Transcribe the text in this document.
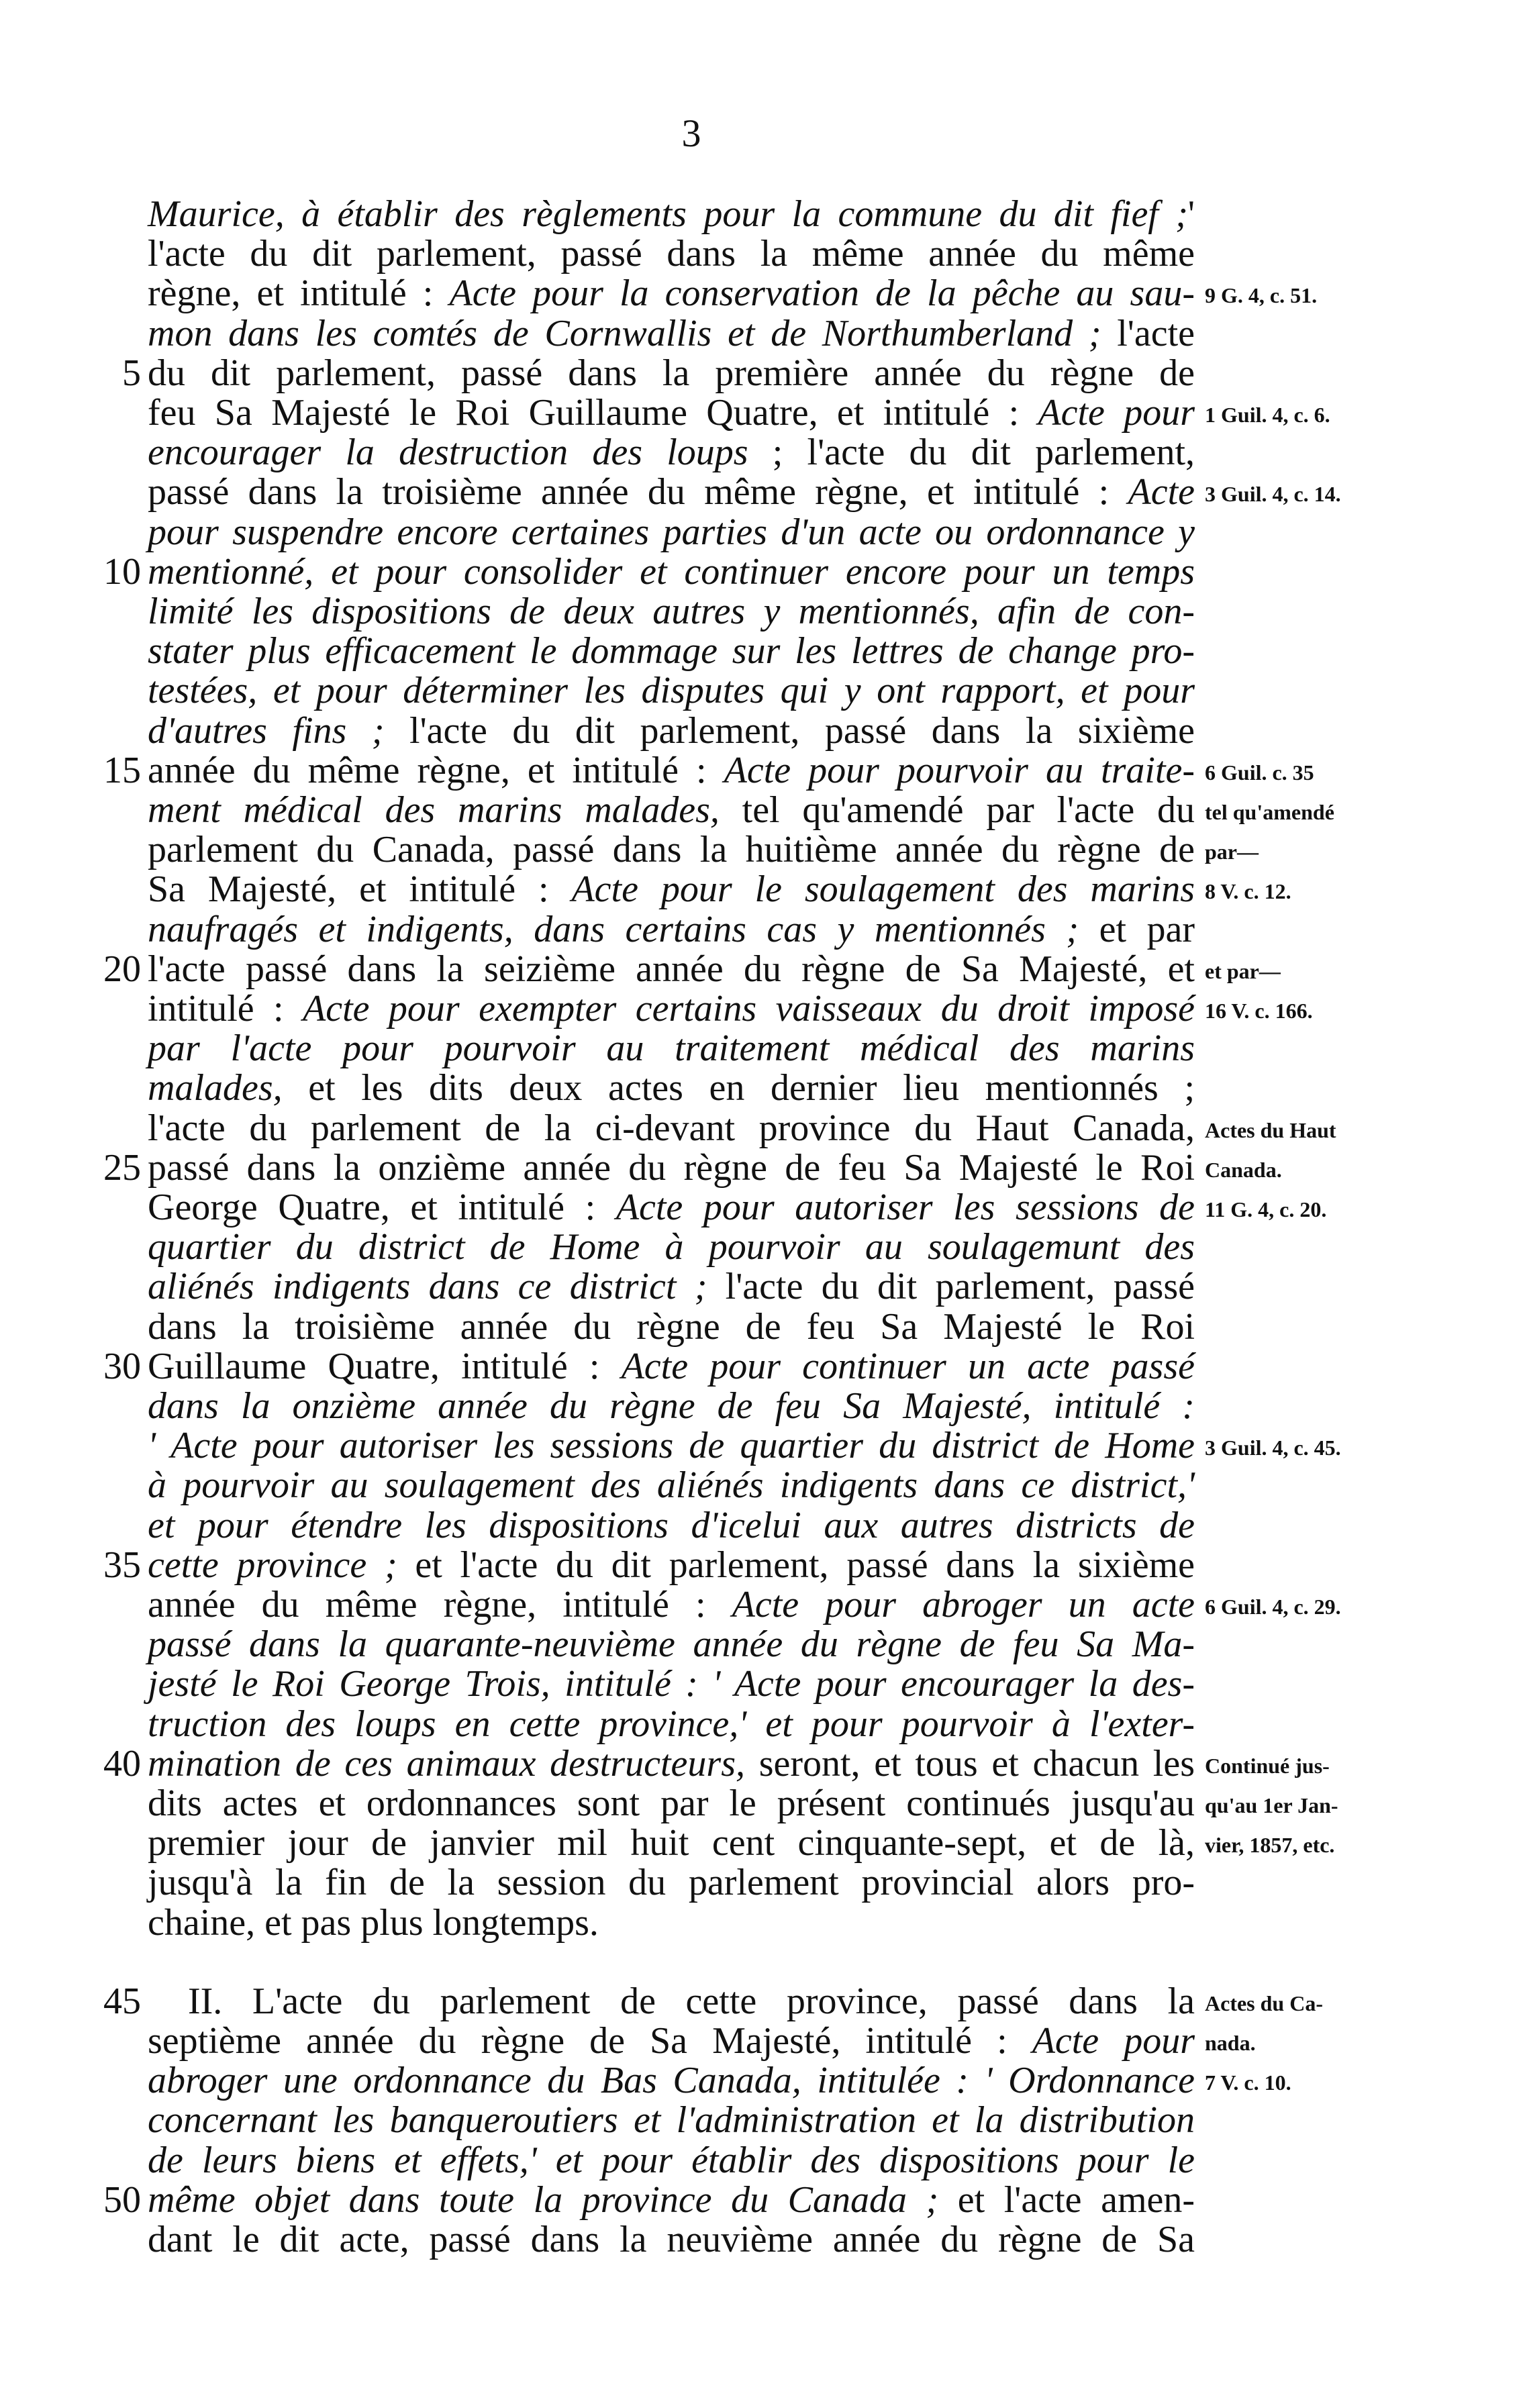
3
Maurice, à établir des règlements pour la commune du dit fief ;'
l'acte du dit parlement, passé dans la même année du même
règne, et intitulé : Acte pour la conservation de la pêche au sau- 9 G. 4, c. 51.
mon dans les comtés de Cornwallis et de Northumberland ; l'acte
5 du dit parlement, passé dans la première année du règne de
feu Sa Majesté le Roi Guillaume Quatre, et intitulé : Acte pour 1 Guil. 4, c. 6.
encourager la destruction des loups ; l'acte du dit parlement,
passé dans la troisième année du même règne, et intitulé : Acte 3 Guil. 4, c. 14.
pour suspendre encore certaines parties d'un acte ou ordonnance y
10 mentionné, et pour consolider et continuer encore pour un temps
limité les dispositions de deux autres y mentionnés, afin de con-
stater plus efficacement le dommage sur les lettres de change pro-
testées, et pour déterminer les disputes qui y ont rapport, et pour
d'autres fins ; l'acte du dit parlement, passé dans la sixième
15 année du même règne, et intitulé : Acte pour pourvoir au traite- 6 Guil. c. 35
ment médical des marins malades, tel qu'amendé par l'acte du tel qu'amendé
parlement du Canada, passé dans la huitième année du règne de par—
Sa Majesté, et intitulé : Acte pour le soulagement des marins 8 V. c. 12.
naufragés et indigents, dans certains cas y mentionnés ; et par
20 l'acte passé dans la seizième année du règne de Sa Majesté, et et par—
intitulé : Acte pour exempter certains vaisseaux du droit imposé 16 V. c. 166.
par l'acte pour pourvoir au traitement médical des marins
malades, et les dits deux actes en dernier lieu mentionnés ;
l'acte du parlement de la ci-devant province du Haut Canada, Actes du Haut
25 passé dans la onzième année du règne de feu Sa Majesté le Roi Canada.
George Quatre, et intitulé : Acte pour autoriser les sessions de 11 G. 4, c. 20.
quartier du district de Home à pourvoir au soulagemunt des
aliénés indigents dans ce district ; l'acte du dit parlement, passé
dans la troisième année du règne de feu Sa Majesté le Roi
30 Guillaume Quatre, intitulé : Acte pour continuer un acte passé
dans la onzième année du règne de feu Sa Majesté, intitulé :
' Acte pour autoriser les sessions de quartier du district de Home 3 Guil. 4, c. 45.
à pourvoir au soulagement des aliénés indigents dans ce district,'
et pour étendre les dispositions d'icelui aux autres districts de
35 cette province ; et l'acte du dit parlement, passé dans la sixième
année du même règne, intitulé : Acte pour abroger un acte 6 Guil. 4, c. 29.
passé dans la quarante-neuvième année du règne de feu Sa Ma-
jesté le Roi George Trois, intitulé : ' Acte pour encourager la des-
truction des loups en cette province,' et pour pourvoir à l'exter-
40 mination de ces animaux destructeurs, seront, et tous et chacun les Continué jus-
dits actes et ordonnances sont par le présent continués jusqu'au qu'au 1er Jan-
premier jour de janvier mil huit cent cinquante-sept, et de là, vier, 1857, etc.
jusqu'à la fin de la session du parlement provincial alors pro-
chaine, et pas plus longtemps.
45 II. L'acte du parlement de cette province, passé dans la Actes du Ca-
septième année du règne de Sa Majesté, intitulé : Acte pour nada.
abroger une ordonnance du Bas Canada, intitulée : ' Ordonnance 7 V. c. 10.
concernant les banqueroutiers et l'administration et la distribution
de leurs biens et effets,' et pour établir des dispositions pour le
50 même objet dans toute la province du Canada ; et l'acte amen-
dant le dit acte, passé dans la neuvième année du règne de Sa
